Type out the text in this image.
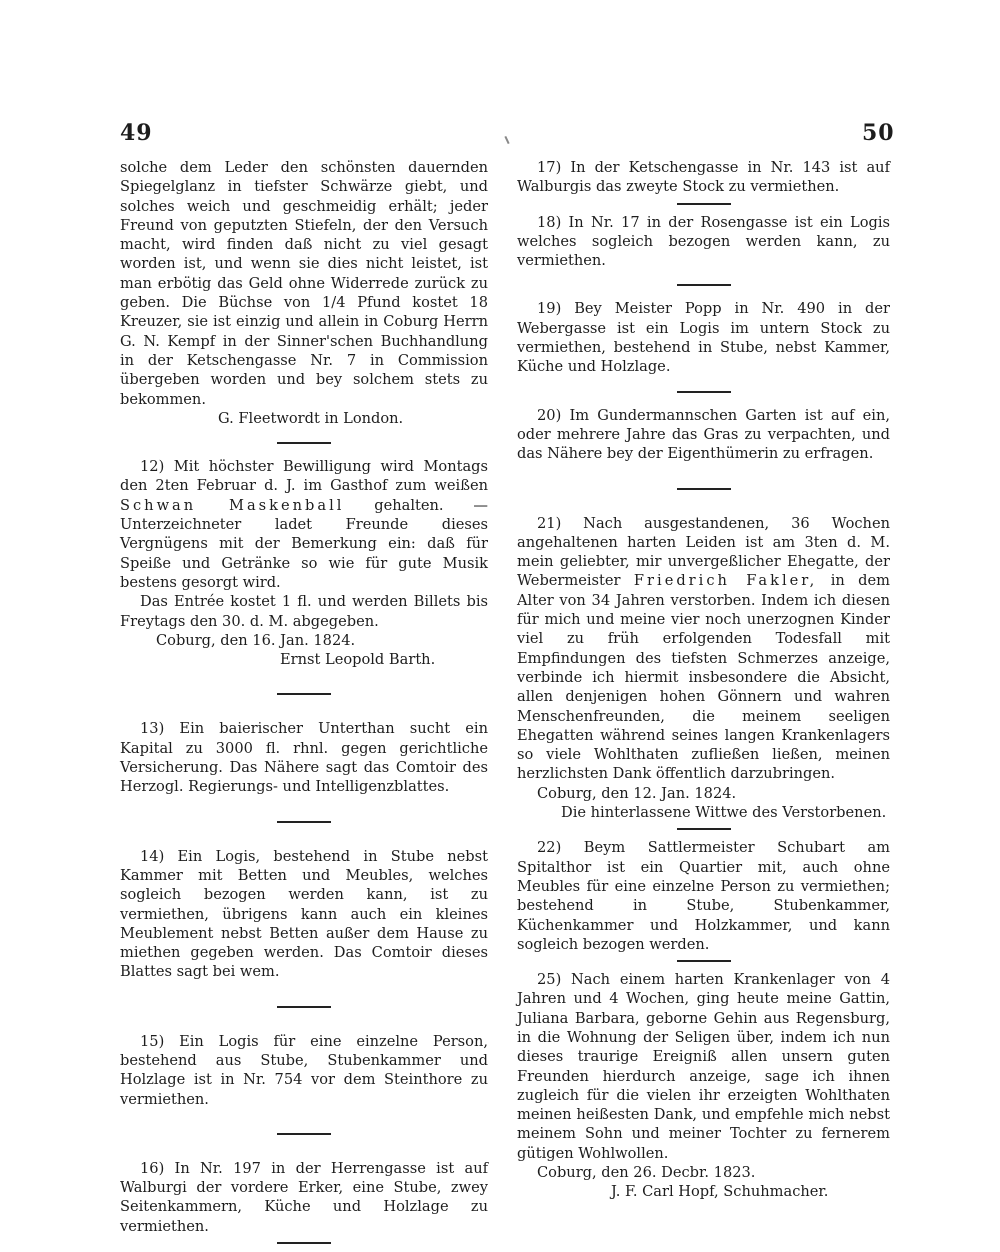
49	50

solche dem Leder den schönsten dauernden Spiegelglanz in tiefster Schwärze giebt, und solches weich und geschmeidig erhält; jeder Freund von geputzten Stiefeln, der den Versuch macht, wird finden daß nicht zu viel gesagt worden ist, und wenn sie dies nicht leistet, ist man erbötig das Geld ohne Widerrede zurück zu geben. Die Büchse von 1/4 Pfund kostet 18 Kreuzer, sie ist einzig und allein in Coburg Herrn G. N. Kempf in der Sinner'schen Buchhandlung in der Ketschengasse Nr. 7 in Commission übergeben worden und bey solchem stets zu bekommen.

G. Fleetwordt in London.

12) Mit höchster Bewilligung wird Montags den 2ten Februar d. J. im Gasthof zum weißen Schwan Maskenball gehalten. — Unterzeichneter ladet Freunde dieses Vergnügens mit der Bemerkung ein: daß für Speiße und Getränke so wie für gute Musik bestens gesorgt wird.

Das Entrée kostet 1 fl. und werden Billets bis Freytags den 30. d. M. abgegeben.

Coburg, den 16. Jan. 1824.

Ernst Leopold Barth.

13) Ein baierischer Unterthan sucht ein Kapital zu 3000 fl. rhnl. gegen gerichtliche Versicherung. Das Nähere sagt das Comtoir des Herzogl. Regierungs- und Intelligenzblattes.

14) Ein Logis, bestehend in Stube nebst Kammer mit Betten und Meubles, welches sogleich bezogen werden kann, ist zu vermiethen, übrigens kann auch ein kleines Meublement nebst Betten außer dem Hause zu miethen gegeben werden. Das Comtoir dieses Blattes sagt bei wem.

15) Ein Logis für eine einzelne Person, bestehend aus Stube, Stubenkammer und Holzlage ist in Nr. 754 vor dem Steinthore zu vermiethen.

16) In Nr. 197 in der Herrengasse ist auf Walburgi der vordere Erker, eine Stube, zwey Seitenkammern, Küche und Holzlage zu vermiethen.

17) In der Ketschengasse in Nr. 143 ist auf Walburgis das zweyte Stock zu vermiethen.

18) In Nr. 17 in der Rosengasse ist ein Logis welches sogleich bezogen werden kann, zu vermiethen.

19) Bey Meister Popp in Nr. 490 in der Webergasse ist ein Logis im untern Stock zu vermiethen, bestehend in Stube, nebst Kammer, Küche und Holzlage.

20) Im Gundermannschen Garten ist auf ein, oder mehrere Jahre das Gras zu verpachten, und das Nähere bey der Eigenthümerin zu erfragen.

21) Nach ausgestandenen, 36 Wochen angehaltenen harten Leiden ist am 3ten d. M. mein geliebter, mir unvergeßlicher Ehegatte, der Webermeister Friedrich Fakler, in dem Alter von 34 Jahren verstorben. Indem ich diesen für mich und meine vier noch unerzognen Kinder viel zu früh erfolgenden Todesfall mit Empfindungen des tiefsten Schmerzes anzeige, verbinde ich hiermit insbesondere die Absicht, allen denjenigen hohen Gönnern und wahren Menschenfreunden, die meinem seeligen Ehegatten während seines langen Krankenlagers so viele Wohlthaten zufließen ließen, meinen herzlichsten Dank öffentlich darzubringen.

Coburg, den 12. Jan. 1824.

Die hinterlassene Wittwe des Verstorbenen.

22) Beym Sattlermeister Schubart am Spitalthor ist ein Quartier mit, auch ohne Meubles für eine einzelne Person zu vermiethen; bestehend in Stube, Stubenkammer, Küchenkammer und Holzkammer, und kann sogleich bezogen werden.

25) Nach einem harten Krankenlager von 4 Jahren und 4 Wochen, ging heute meine Gattin, Juliana Barbara, geborne Gehin aus Regensburg, in die Wohnung der Seligen über, indem ich nun dieses traurige Ereigniß allen unsern guten Freunden hierdurch anzeige, sage ich ihnen zugleich für die vielen ihr erzeigten Wohlthaten meinen heißesten Dank, und empfehle mich nebst meinem Sohn und meiner Tochter zu fernerem gütigen Wohlwollen.

Coburg, den 26. Decbr. 1823.

J. F. Carl Hopf, Schuhmacher.
